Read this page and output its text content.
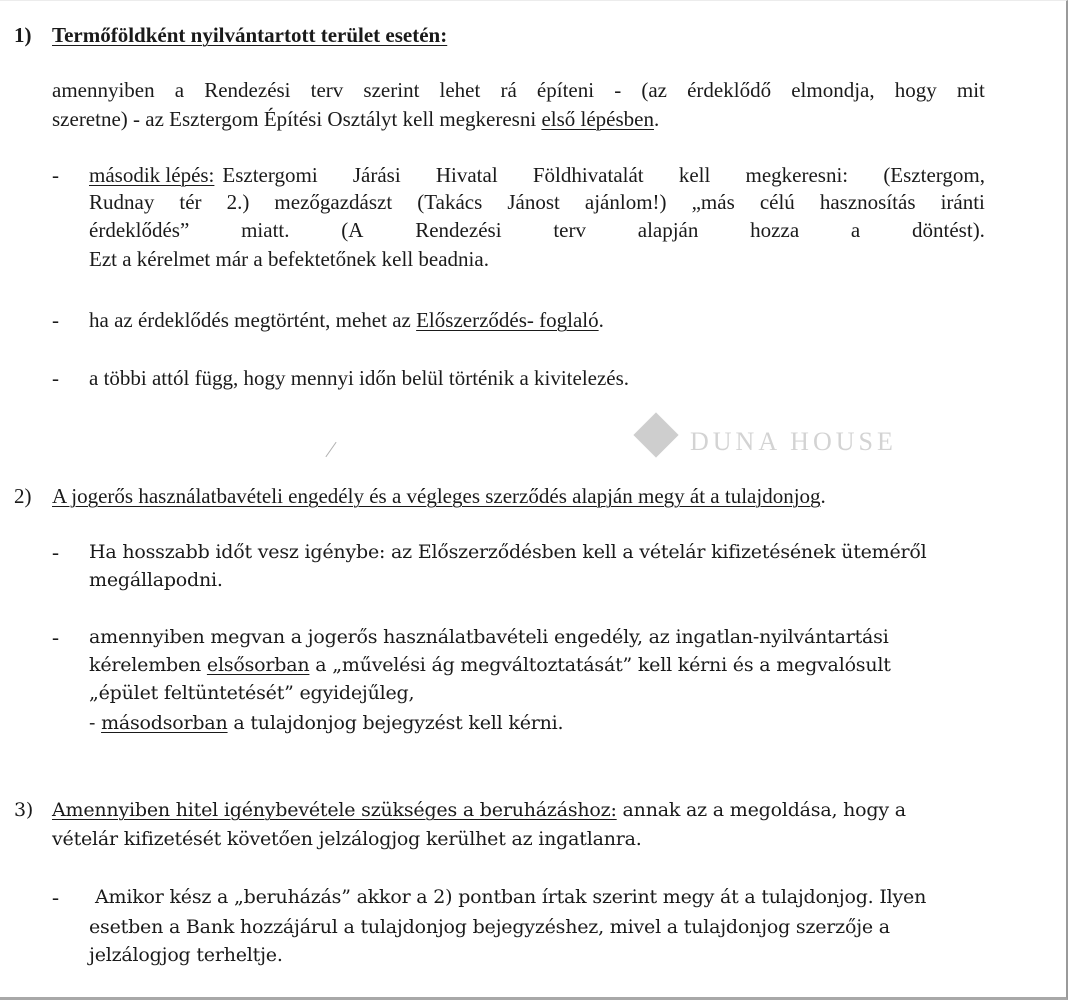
1) Termőföldként nyilvántartott terület esetén:
amennyiben a Rendezési terv szerint lehet rá építeni - (az érdeklődő elmondja, hogy mit
szeretne) - az Esztergom Építési Osztályt kell megkeresni első lépésben.
- második lépés: Esztergomi Járási Hivatal Földhivatalát kell megkeresni: (Esztergom,
Rudnay tér 2.) mezőgazdászt (Takács Jánost ajánlom!) „más célú hasznosítás iránti
érdeklődés” miatt. (A Rendezési terv alapján hozza a döntést).
Ezt a kérelmet már a befektetőnek kell beadnia.
- ha az érdeklődés megtörtént, mehet az Előszerződés- foglaló.
- a többi attól függ, hogy mennyi időn belül történik a kivitelezés.
DUNA HOUSE
2) A jogerős használatbavételi engedély és a végleges szerződés alapján megy át a tulajdonjog.
- Ha hosszabb időt vesz igénybe: az Előszerződésben kell a vételár kifizetésének üteméről
megállapodni.
- amennyiben megvan a jogerős használatbavételi engedély, az ingatlan-nyilvántartási
kérelemben elsősorban a „művelési ág megváltoztatását” kell kérni és a megvalósult
„épület feltüntetését” egyidejűleg,
- másodsorban a tulajdonjog bejegyzést kell kérni.
3) Amennyiben hitel igénybevétele szükséges a beruházáshoz: annak az a megoldása, hogy a
vételár kifizetését követően jelzálogjog kerülhet az ingatlanra.
- Amikor kész a „beruházás” akkor a 2) pontban írtak szerint megy át a tulajdonjog. Ilyen
esetben a Bank hozzájárul a tulajdonjog bejegyzéshez, mivel a tulajdonjog szerzője a
jelzálogjog terheltje.
